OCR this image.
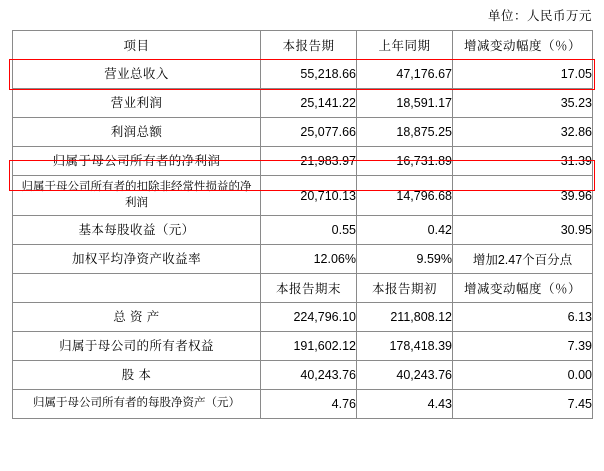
单位：人民币万元
项目	本报告期	上年同期	增减变动幅度（％）
营业总收入	55,218.66	47,176.67	17.05
营业利润	25,141.22	18,591.17	35.23
利润总额	25,077.66	18,875.25	32.86
归属于母公司所有者的净利润	21,983.97	16,731.89	31.39
归属于母公司所有者的扣除非经常性损益的净利润	20,710.13	14,796.68	39.96
基本每股收益（元）	0.55	0.42	30.95
加权平均净资产收益率	12.06%	9.59%	增加2.47个百分点
	本报告期末	本报告期初	增减变动幅度（％）
总 资 产	224,796.10	211,808.12	6.13
归属于母公司的所有者权益	191,602.12	178,418.39	7.39
股 本	40,243.76	40,243.76	0.00
归属于母公司所有者的每股净资产（元）	4.76	4.43	7.45
